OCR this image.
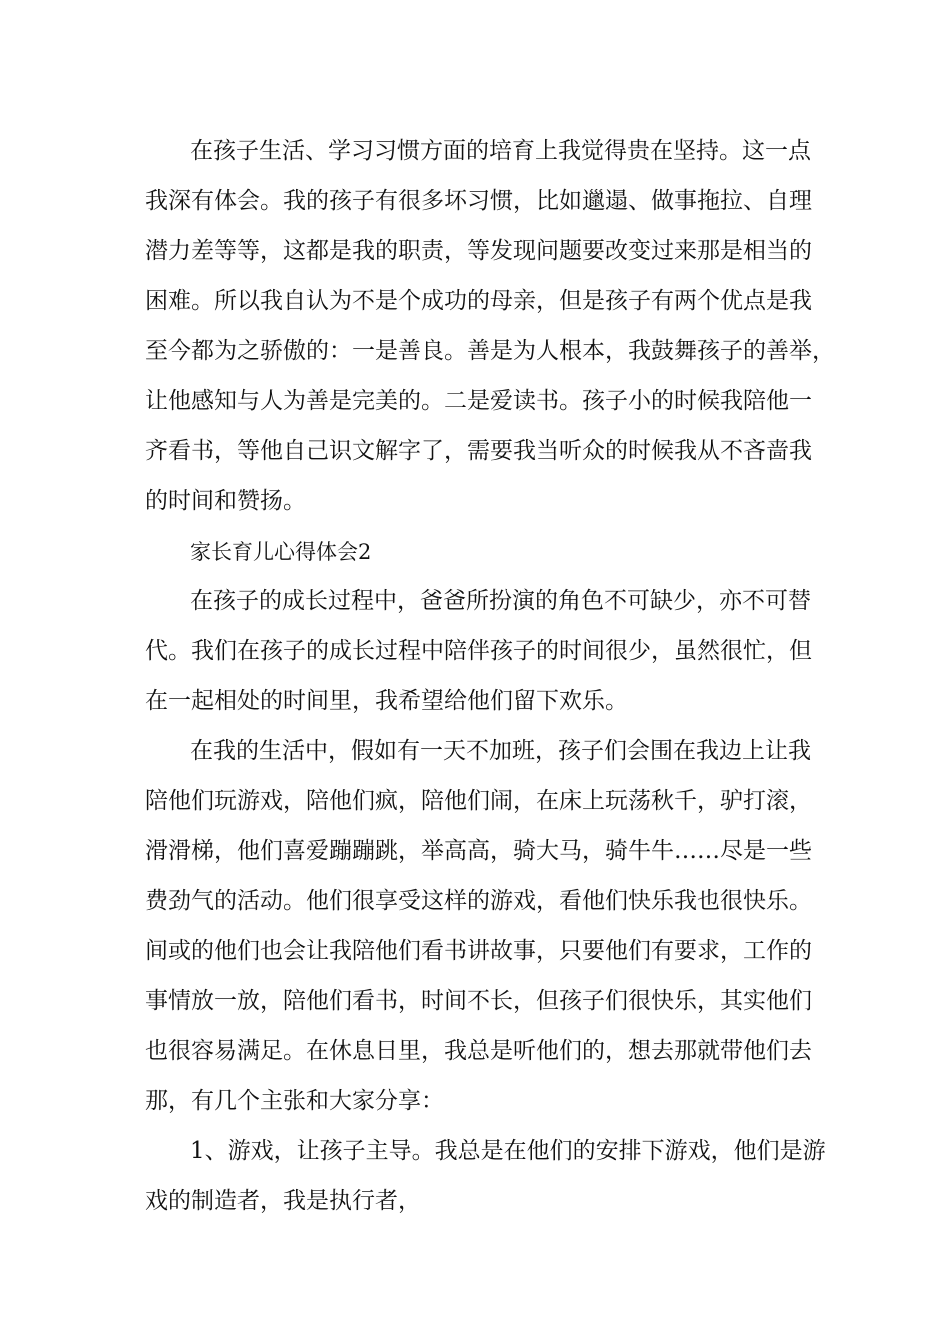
在孩子生活、学习习惯方面的培育上我觉得贵在坚持。这一点
我深有体会。我的孩子有很多坏习惯，比如邋遢、做事拖拉、自理
潜力差等等，这都是我的职责，等发现问题要改变过来那是相当的
困难。所以我自认为不是个成功的母亲，但是孩子有两个优点是我
至今都为之骄傲的：一是善良。善是为人根本，我鼓舞孩子的善举，
让他感知与人为善是完美的。二是爱读书。孩子小的时候我陪他一
齐看书，等他自己识文解字了，需要我当听众的时候我从不吝啬我
的时间和赞扬。
家长育儿心得体会2
在孩子的成长过程中，爸爸所扮演的角色不可缺少，亦不可替
代。我们在孩子的成长过程中陪伴孩子的时间很少，虽然很忙，但
在一起相处的时间里，我希望给他们留下欢乐。
在我的生活中，假如有一天不加班，孩子们会围在我边上让我
陪他们玩游戏，陪他们疯，陪他们闹，在床上玩荡秋千，驴打滚，
滑滑梯，他们喜爱蹦蹦跳，举高高，骑大马，骑牛牛……尽是一些
费劲气的活动。他们很享受这样的游戏，看他们快乐我也很快乐。
间或的他们也会让我陪他们看书讲故事，只要他们有要求，工作的
事情放一放，陪他们看书，时间不长，但孩子们很快乐，其实他们
也很容易满足。在休息日里，我总是听他们的，想去那就带他们去
那，有几个主张和大家分享：
1、游戏，让孩子主导。我总是在他们的安排下游戏，他们是游
戏的制造者，我是执行者，
